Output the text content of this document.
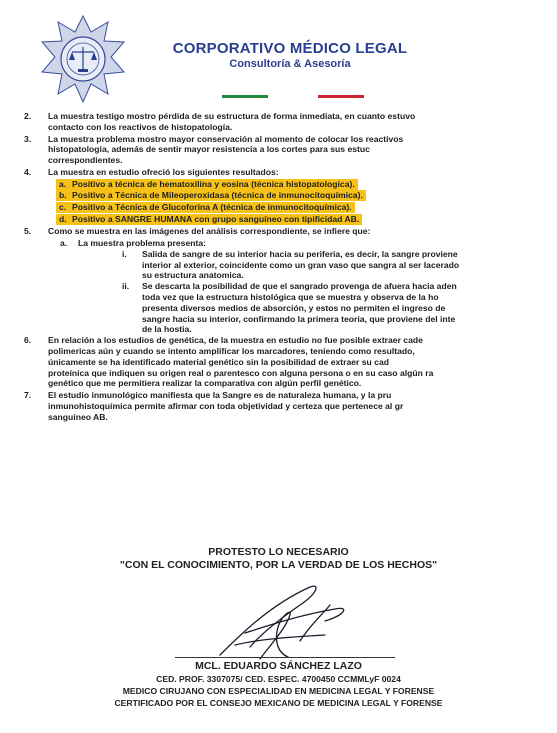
CORPORATIVO MÉDICO LEGAL
Consultoría & Asesoría
2. La muestra testigo mostro pérdida de su estructura de forma inmediata, en cuanto estuvo
contacto con los reactivos de histopatología.
3. La muestra problema mostro mayor conservación al momento de colocar los reactivos
histopatología, además de sentir mayor resistencia a los cortes para sus estuc
correspondientes.
4. La muestra en estudio ofreció los siguientes resultados:
a. Positivo a técnica de hematoxilina y eosina (técnica histopatologica).
b. Positivo a Técnica de Mileoperoxidasa (técnica de inmunocitoquímica).
c. Positivo a Técnica de Glucoforina A (técnica de inmunocitoquímica).
d. Positivo a SANGRE HUMANA con grupo sanguíneo con tipificidad AB.
5. Como se muestra en las imágenes del análisis correspondiente, se infiere que:
a. La muestra problema presenta:
i. Salida de sangre de su interior hacia su periferia, es decir, la sangre proviene
interior al exterior, coincidente como un gran vaso que sangra al ser lacerado
su estructura anatomica.
ii. Se descarta la posibilidad de que el sangrado provenga de afuera hacia aden
toda vez que la estructura histológica que se muestra y observa de la ho
presenta diversos medios de absorción, y estos no permiten el ingreso de
sangre hacia su interior, confirmando la primera teoría, que proviene del inte
de la hostia.
6. En relación a los estudios de genética, de la muestra en estudio no fue posible extraer cade
polimericas aún y cuando se intento amplificar los marcadores, teniendo como resultado,
únicamente se ha identificado material genético sin la posibilidad de extraer su cad
proteínica que indiquen su origen real o parentesco con alguna persona o en su caso algún ra
genético que me permitiera realizar la comparativa con algún perfil genético.
7. El estudio inmunológico manifiesta que la Sangre es de naturaleza humana, y la pru
inmunohistoquímica permite afirmar con toda objetividad y certeza que pertenece al gr
sanguíneo AB.
PROTESTO LO NECESARIO
"CON EL CONOCIMIENTO, POR LA VERDAD DE LOS HECHOS"
MCL. EDUARDO SÁNCHEZ LAZO
CED. PROF. 3307075/ CED. ESPEC. 4700450 CCMMLyF 0024
MEDICO CIRUJANO CON ESPECIALIDAD EN MEDICINA LEGAL Y FORENSE
CERTIFICADO POR EL CONSEJO MEXICANO DE MEDICINA LEGAL Y FORENSE
